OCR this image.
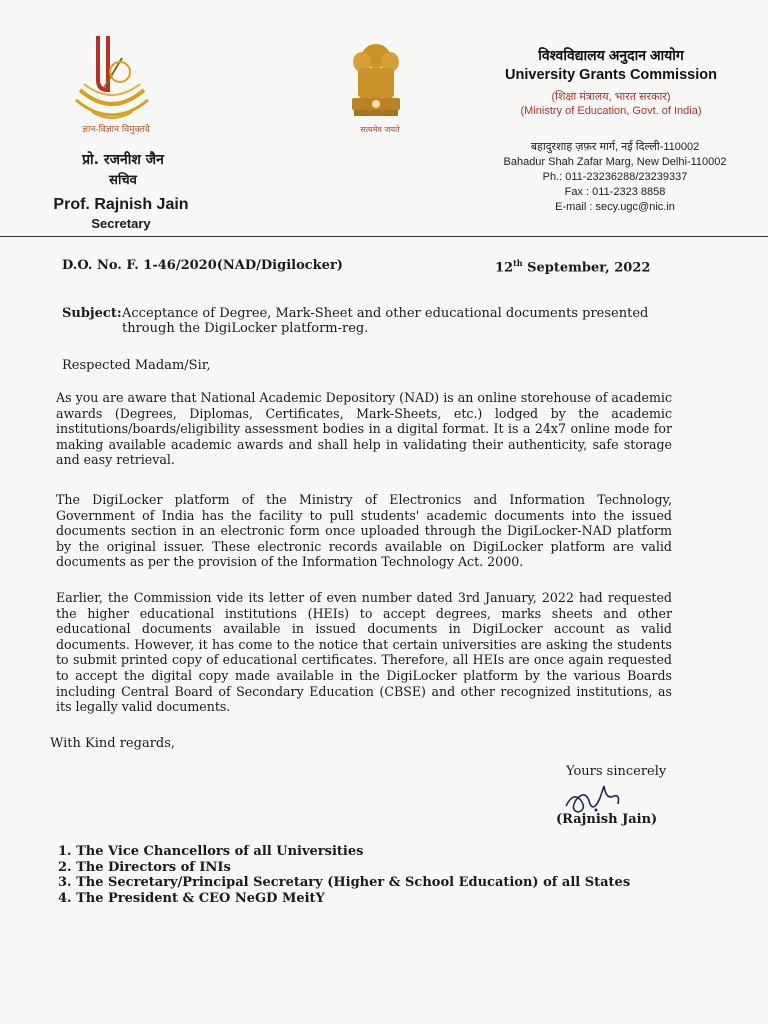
ज्ञान-विज्ञान विमुक्तये	सत्यमेव जयते
प्रो. रजनीश जैन
सचिव
Prof. Rajnish Jain
Secretary
विश्वविद्यालय अनुदान आयोग
University Grants Commission
(शिक्षा मंत्रालय, भारत सरकार)
(Ministry of Education, Govt. of India)
बहादुरशाह ज़फ़र मार्ग, नई दिल्ली-110002
Bahadur Shah Zafar Marg, New Delhi-110002
Ph.: 011-23236288/23239337
Fax : 011-2323 8858
E-mail : secy.ugc@nic.in
D.O. No. F. 1-46/2020(NAD/Digilocker)	12th September, 2022
Subject:Acceptance of Degree, Mark-Sheet and other educational documents presented through the DigiLocker platform-reg.
Respected Madam/Sir,
As you are aware that National Academic Depository (NAD) is an online storehouse of academic awards (Degrees, Diplomas, Certificates, Mark-Sheets, etc.) lodged by the academic institutions/boards/eligibility assessment bodies in a digital format. It is a 24x7 online mode for making available academic awards and shall help in validating their authenticity, safe storage and easy retrieval.
The DigiLocker platform of the Ministry of Electronics and Information Technology, Government of India has the facility to pull students' academic documents into the issued documents section in an electronic form once uploaded through the DigiLocker-NAD platform by the original issuer. These electronic records available on DigiLocker platform are valid documents as per the provision of the Information Technology Act. 2000.
Earlier, the Commission vide its letter of even number dated 3rd January, 2022 had requested the higher educational institutions (HEIs) to accept degrees, marks sheets and other educational documents available in issued documents in DigiLocker account as valid documents. However, it has come to the notice that certain universities are asking the students to submit printed copy of educational certificates. Therefore, all HEIs are once again requested to accept the digital copy made available in the DigiLocker platform by the various Boards including Central Board of Secondary Education (CBSE) and other recognized institutions, as its legally valid documents.
With Kind regards,
Yours sincerely
(Rajnish Jain)
1. The Vice Chancellors of all Universities
2. The Directors of INIs
3. The Secretary/Principal Secretary (Higher & School Education) of all States
4. The President & CEO NeGD MeitY
